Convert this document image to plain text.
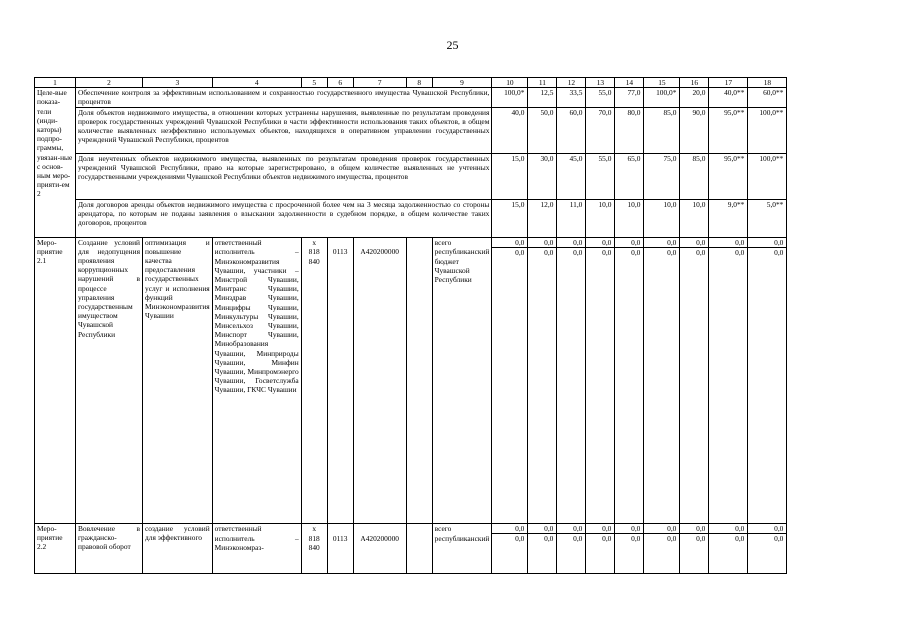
25
1	2	3	4	5	6	7	8	9	10	11	12	13	14	15	16	17	18
Целе-вые показа-тели (инди-каторы) подпро-граммы, увязан-ные с основ-ным меро-прияти-ем 2	Обеспечение контроля за эффективным использованием и сохранностью государственного имущества Чувашской Республики, процентов								100,0*	12,5	33,5	55,0	77,0	100,0*	20,0	40,0**	60,0**
	Доля объектов недвижимого имущества, в отношении которых устранены нарушения, выявленные по результатам проведения проверок государственных учреждений Чувашской Республики в части эффективности использования таких объектов, в общем количестве выявленных неэффективно используемых объектов, находящихся в оперативном управлении государственных учреждений Чувашской Республики, процентов								40,0	50,0	60,0	70,0	80,0	85,0	90,0	95,0**	100,0**
	Доля неучтенных объектов недвижимого имущества, выявленных по результатам проведения проверок государственных учреждений Чувашской Республики, право на которые зарегистрировано, в общем количестве выявленных не учтенных государственными учреждениями Чувашской Республики объектов недвижимого имущества, процентов								15,0	30,0	45,0	55,0	65,0	75,0	85,0	95,0**	100,0**
	Доля договоров аренды объектов недвижимого имущества с просроченной более чем на 3 месяца задолженностью со стороны арендатора, по которым не поданы заявления о взыскании задолженности в судебном порядке, в общем количестве таких договоров, процентов								15,0	12,0	11,0	10,0	10,0	10,0	10,0	9,0**	5,0**
Меро-приятие 2.1	Создание условий для недопущения проявления коррупционных нарушений в процессе управления государственным имуществом Чувашской Республики	оптимизация и повышение качества предоставления государственных услуг и исполнения функций Минэкономразвития Чувашии	ответственный	x				всего	0,0	0,0	0,0	0,0	0,0	0,0	0,0	0,0	0,0
			исполнитель – Минэкономразвития Чувашии, участники – Минстрой Чувашии, Минтранс Чувашии, Минздрав Чувашии, Минцифры Чувашии, Минкультуры Чувашии, Минсельхоз Чувашии, Минспорт Чувашии, Минобразования Чувашии, Минприроды Чувашии, Минфин Чувашии, Минпромэнерго Чувашии, Госветслужба Чувашии, ГКЧС Чувашии	818 840	0113	А420200000		республиканский бюджет Чувашской Республики	0,0	0,0	0,0	0,0	0,0	0,0	0,0	0,0	0,0
Меро-приятие 2.2	Вовлечение в гражданско-правовой оборот	создание условий для эффективного	ответственный	x				всего	0,0	0,0	0,0	0,0	0,0	0,0	0,0	0,0	0,0
			исполнитель – Минэкономраз-	818 840	0113	А420200000		республиканский	0,0	0,0	0,0	0,0	0,0	0,0	0,0	0,0	0,0
